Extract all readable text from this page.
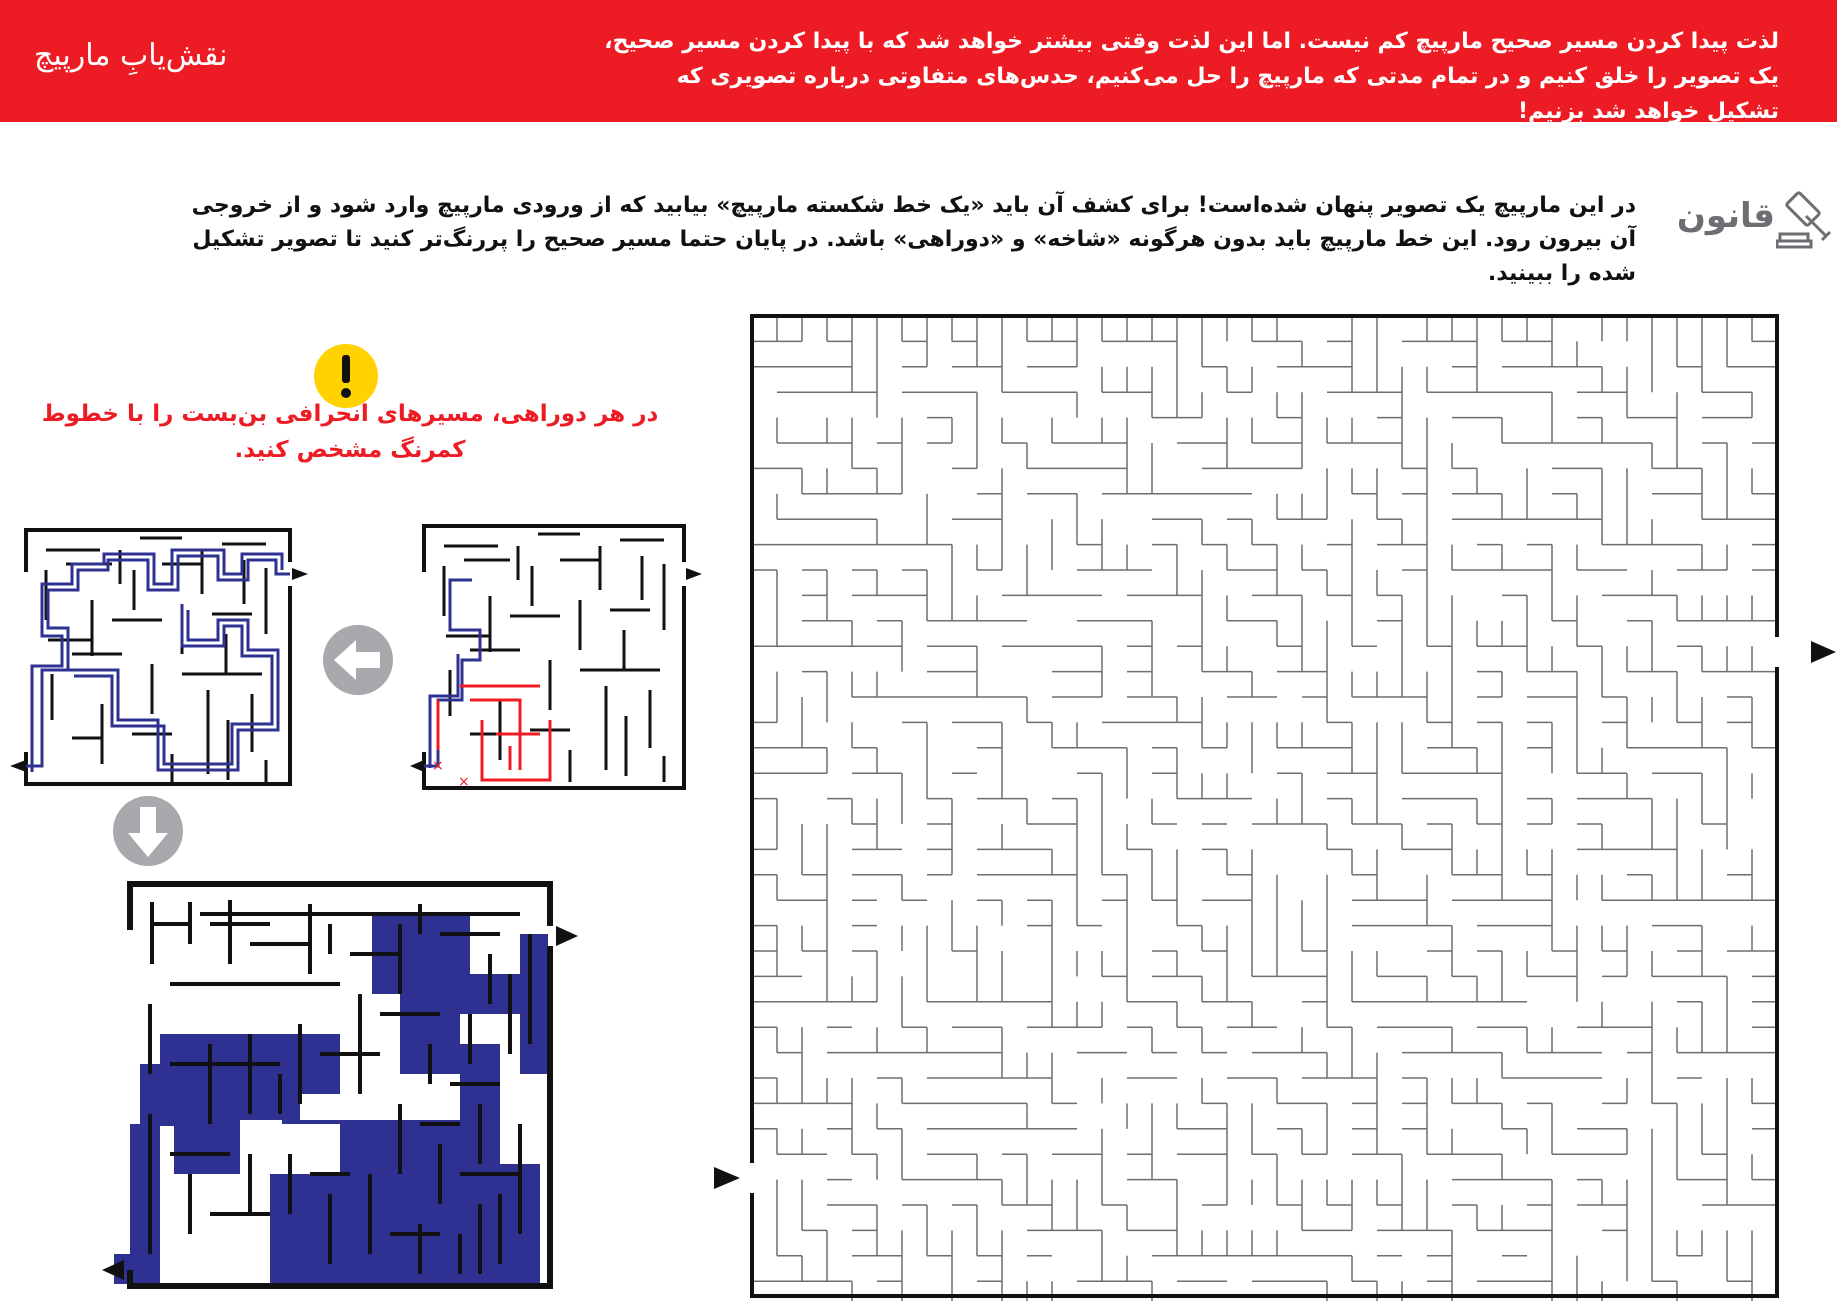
نقش‌یابِ مارپیچ	لذت پیدا کردن مسیر صحیح مارپیچ کم نیست. اما این لذت وقتی بیشتر خواهد شد که با پیدا کردن مسیر صحیح، یک تصویر را خلق کنیم و در تمام مدتی که مارپیچ را حل می‌کنیم، حدس‌های متفاوتی درباره تصویری که تشکیل خواهد شد بزنیم!
قانون
در این مارپیچ یک تصویر پنهان شده‌است! برای کشف آن باید «یک خط شکسته مارپیچ» بیابید که از ورودی مارپیچ وارد شود و از خروجی آن بیرون رود. این خط مارپیچ باید بدون هرگونه «شاخه» و «دوراهی» باشد. در پایان حتما مسیر صحیح را پررنگ‌تر کنید تا تصویر تشکیل شده را ببینید.
در هر دوراهی، مسیرهای انحرافی بن‌بست را با خطوط کمرنگ مشخص کنید.
×
×
